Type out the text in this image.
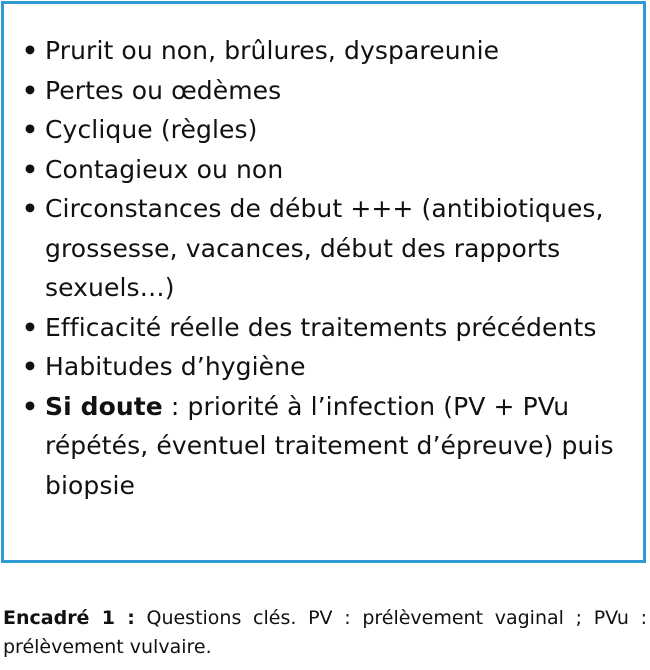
• Prurit ou non, brûlures, dyspareunie
• Pertes ou œdèmes
• Cyclique (règles)
• Contagieux ou non
• Circonstances de début +++ (antibiotiques, grossesse, vacances, début des rapports sexuels…)
• Efficacité réelle des traitements précédents
• Habitudes d’hygiène
• Si doute : priorité à l’infection (PV + PVu répétés, éventuel traitement d’épreuve) puis biopsie
Encadré 1 : Questions clés. PV : prélèvement vaginal ; PVu : prélèvement vulvaire.
